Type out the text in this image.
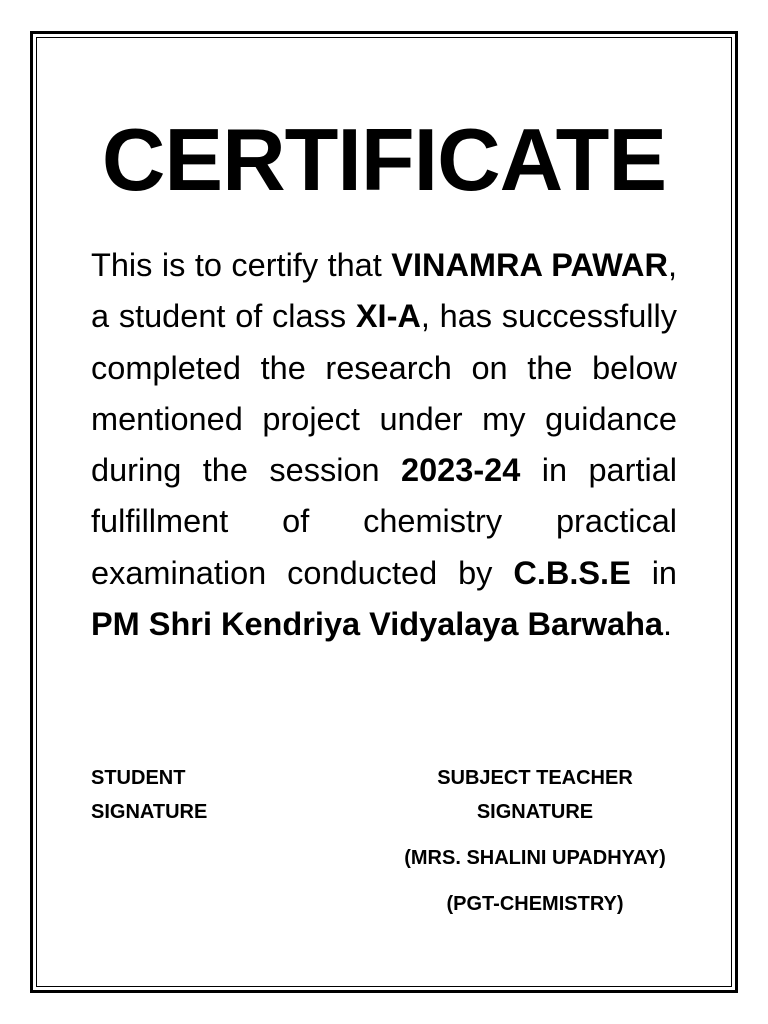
CERTIFICATE

This is to certify that VINAMRA PAWAR, a student of class XI-A, has successfully completed the research on the below mentioned project under my guidance during the session 2023-24 in partial fulfillment of chemistry practical examination conducted by C.B.S.E in PM Shri Kendriya Vidyalaya Barwaha.

STUDENT
SIGNATURE
SUBJECT TEACHER
SIGNATURE
(MRS. SHALINI UPADHYAY)
(PGT-CHEMISTRY)
